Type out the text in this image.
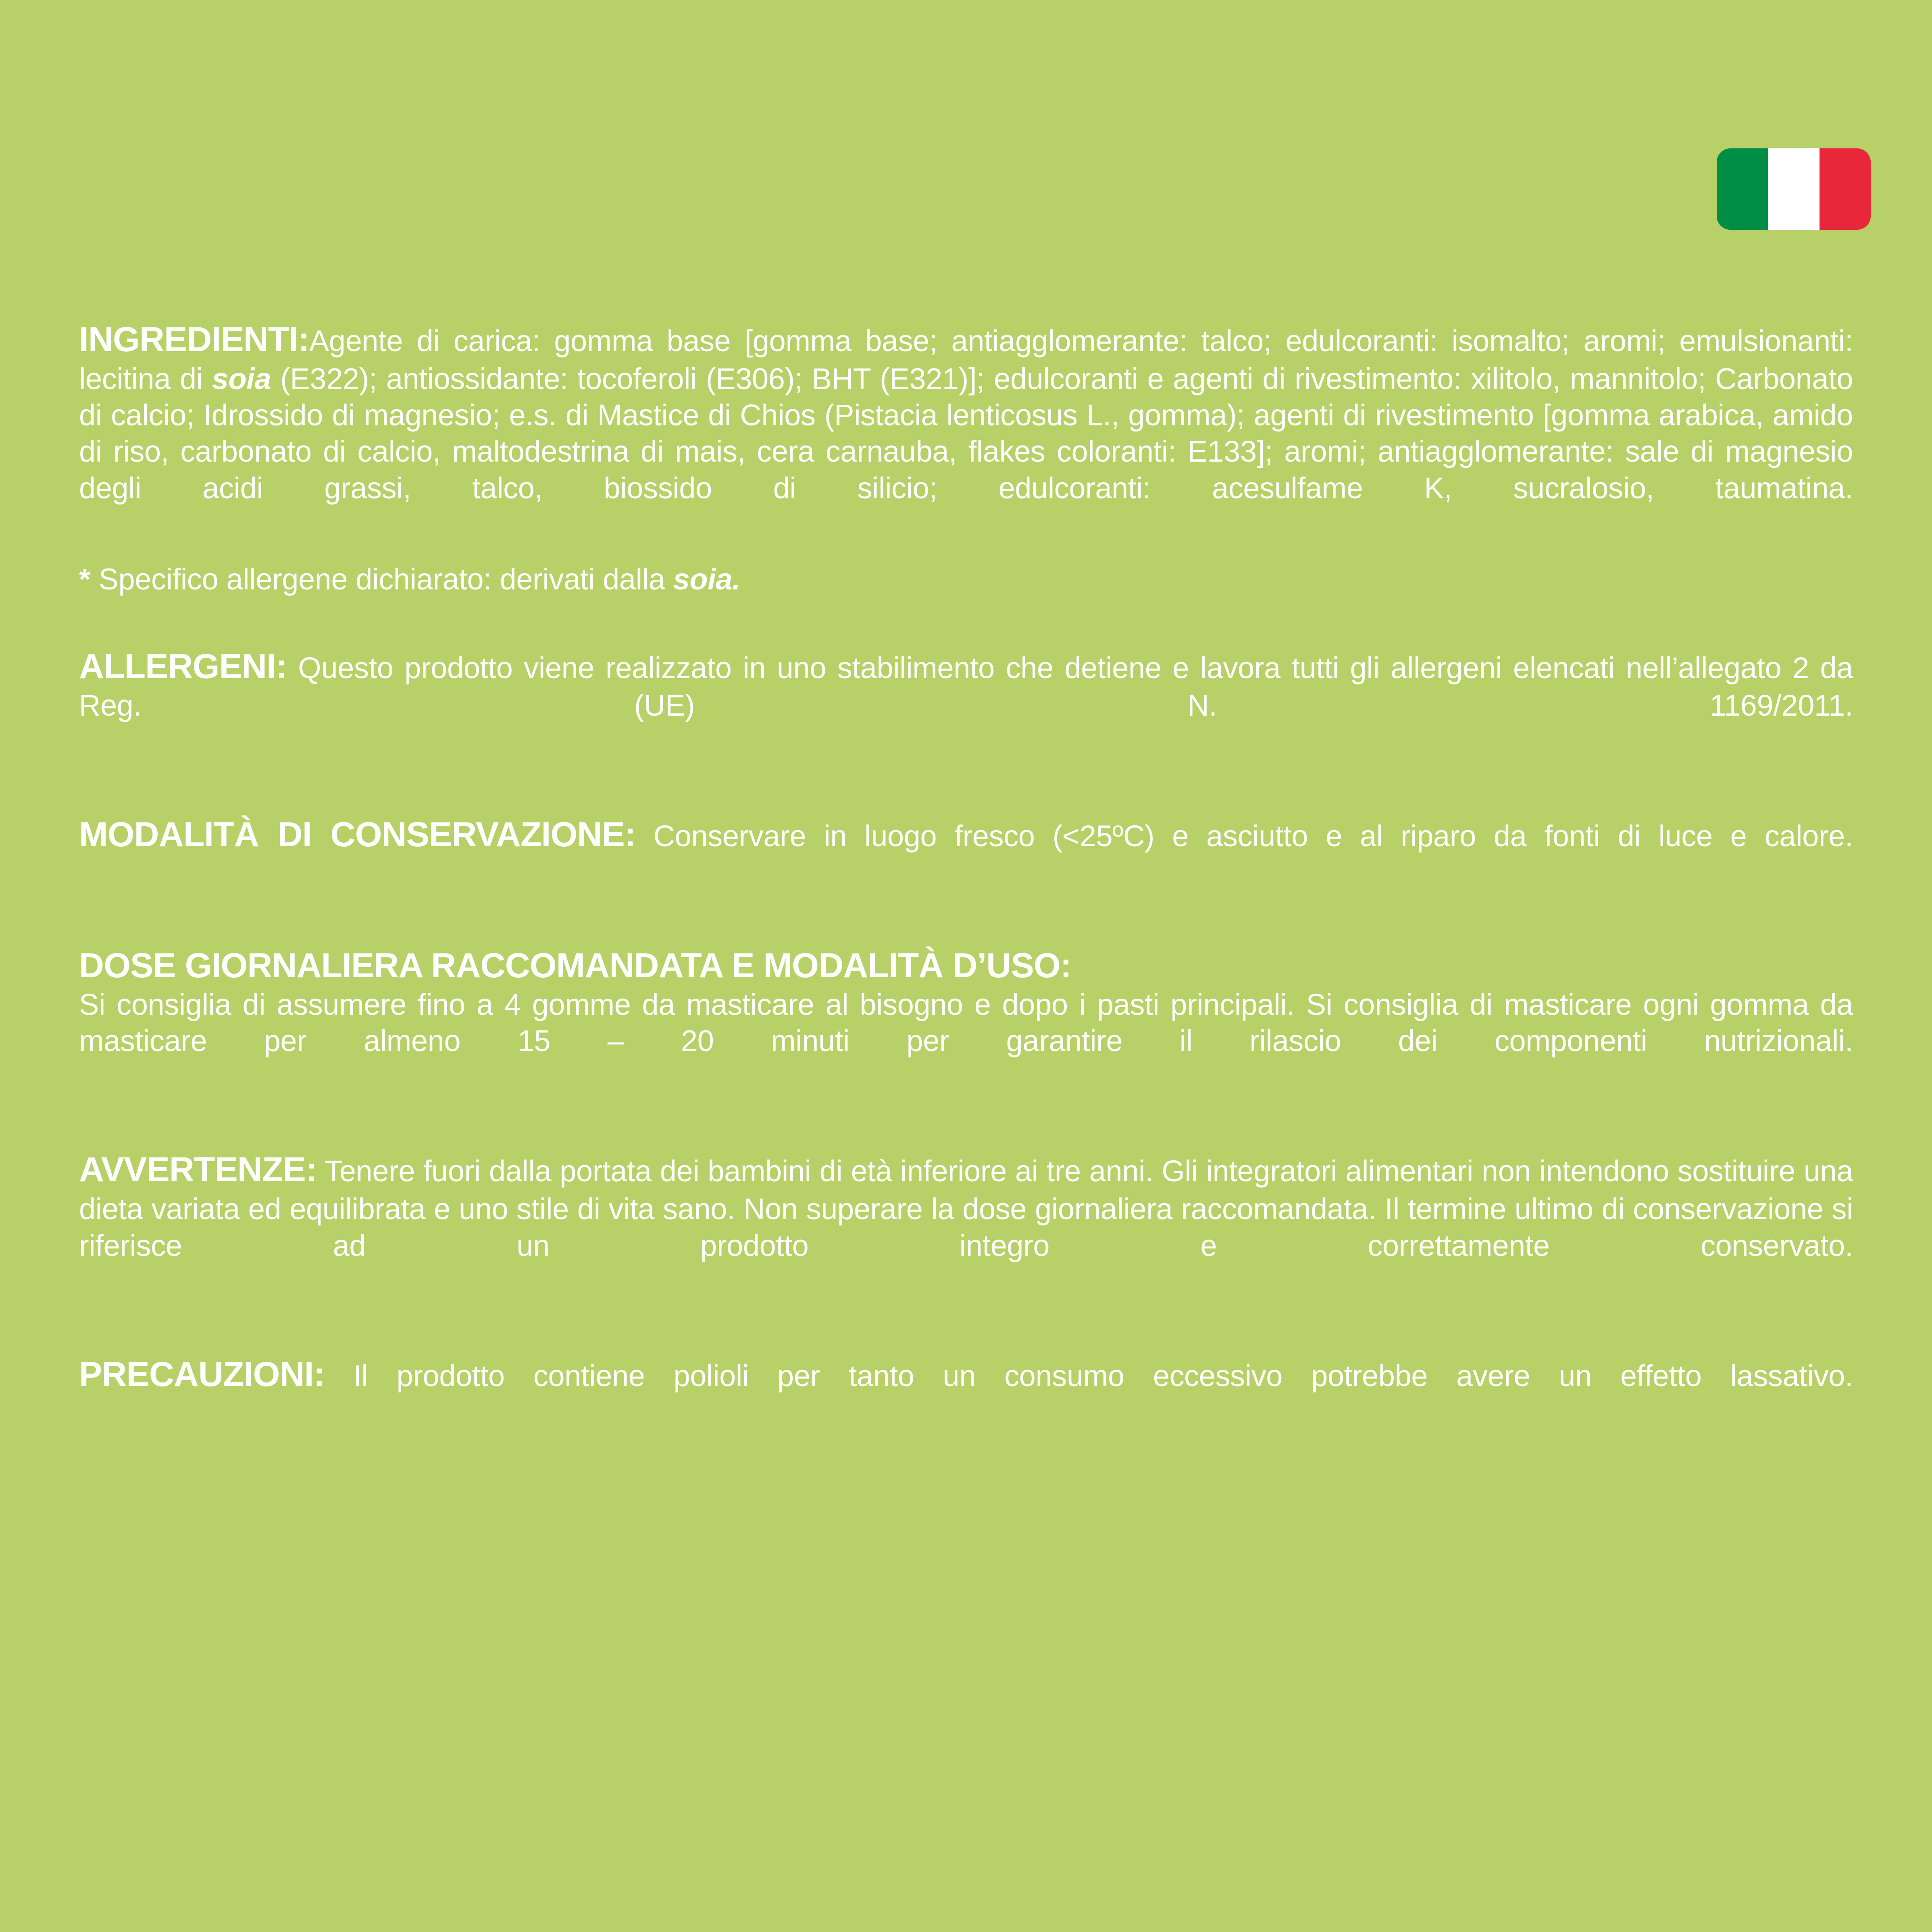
INGREDIENTI:Agente di carica: gomma base [gomma base; antiagglomerante: talco; edulcoranti: isomalto; aromi; emulsionanti: lecitina di soia (E322); antiossidante: tocoferoli (E306); BHT (E321)]; edulcoranti e agenti di rivestimento: xilitolo, mannitolo; Carbonato di calcio; Idrossido di magnesio; e.s. di Mastice di Chios (Pistacia lenticosus L., gomma); agenti di rivestimento [gomma arabica, amido di riso, carbonato di calcio, maltodestrina di mais, cera carnauba, flakes coloranti: E133]; aromi; antiagglomerante: sale di magnesio degli acidi grassi, talco, biossido di silicio; edulcoranti: acesulfame K, sucralosio, taumatina.

* Specifico allergene dichiarato: derivati dalla soia.

ALLERGENI: Questo prodotto viene realizzato in uno stabilimento che detiene e lavora tutti gli allergeni elencati nell’allegato 2 da Reg. (UE) N. 1169/2011.

MODALITÀ DI CONSERVAZIONE: Conservare in luogo fresco (<25ºC) e asciutto e al riparo da fonti di luce e calore.

DOSE GIORNALIERA RACCOMANDATA E MODALITÀ D’USO:

Si consiglia di assumere fino a 4 gomme da masticare al bisogno e dopo i pasti principali. Si consiglia di masticare ogni gomma da masticare per almeno 15 – 20 minuti per garantire il rilascio dei componenti nutrizionali.

AVVERTENZE: Tenere fuori dalla portata dei bambini di età inferiore ai tre anni. Gli integratori alimentari non intendono sostituire una dieta variata ed equilibrata e uno stile di vita sano. Non superare la dose giornaliera raccomandata. Il termine ultimo di conservazione si riferisce ad un prodotto integro e correttamente conservato.

PRECAUZIONI: Il prodotto contiene polioli per tanto un consumo eccessivo potrebbe avere un effetto lassativo.
